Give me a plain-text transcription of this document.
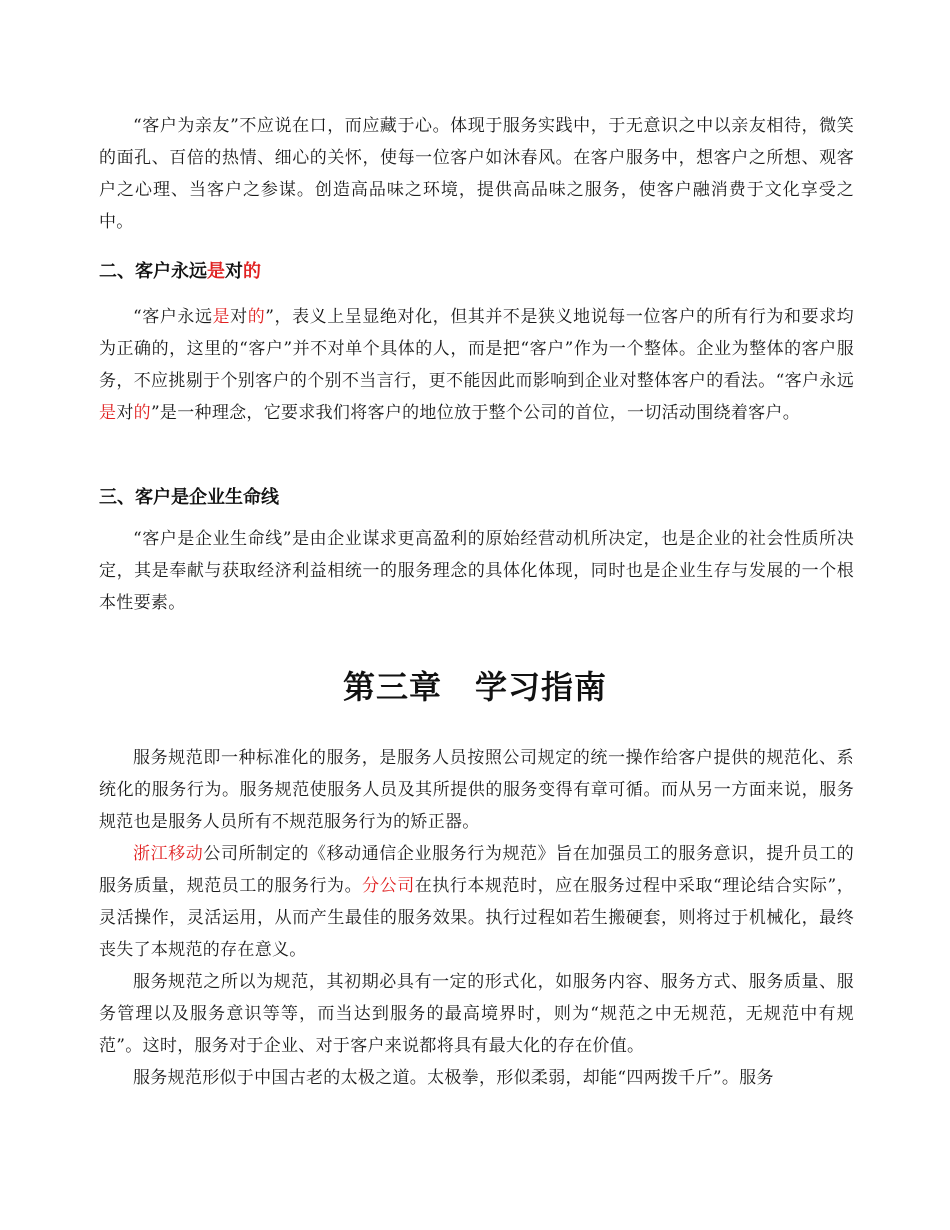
“客户为亲友”不应说在口，而应藏于心。体现于服务实践中，于无意识之中以亲友相待，微笑的面孔、百倍的热情、细心的关怀，使每一位客户如沐春风。在客户服务中，想客户之所想、观客户之心理、当客户之参谋。创造高品味之环境，提供高品味之服务，使客户融消费于文化享受之中。

二、客户永远是对的

“客户永远是对的”，表义上呈显绝对化，但其并不是狭义地说每一位客户的所有行为和要求均为正确的，这里的“客户”并不对单个具体的人，而是把“客户”作为一个整体。企业为整体的客户服务，不应挑剔于个别客户的个别不当言行，更不能因此而影响到企业对整体客户的看法。“客户永远是对的”是一种理念，它要求我们将客户的地位放于整个公司的首位，一切活动围绕着客户。

三、客户是企业生命线

“客户是企业生命线”是由企业谋求更高盈利的原始经营动机所决定，也是企业的社会性质所决定，其是奉献与获取经济利益相统一的服务理念的具体化体现，同时也是企业生存与发展的一个根本性要素。

第三章　学习指南

服务规范即一种标准化的服务，是服务人员按照公司规定的统一操作给客户提供的规范化、系统化的服务行为。服务规范使服务人员及其所提供的服务变得有章可循。而从另一方面来说，服务规范也是服务人员所有不规范服务行为的矫正器。

浙江移动公司所制定的《移动通信企业服务行为规范》旨在加强员工的服务意识，提升员工的服务质量，规范员工的服务行为。分公司在执行本规范时，应在服务过程中采取“理论结合实际”，灵活操作，灵活运用，从而产生最佳的服务效果。执行过程如若生搬硬套，则将过于机械化，最终丧失了本规范的存在意义。

服务规范之所以为规范，其初期必具有一定的形式化，如服务内容、服务方式、服务质量、服务管理以及服务意识等等，而当达到服务的最高境界时，则为“规范之中无规范，无规范中有规范”。这时，服务对于企业、对于客户来说都将具有最大化的存在价值。

服务规范形似于中国古老的太极之道。太极拳，形似柔弱，却能“四两拨千斤”。服务
